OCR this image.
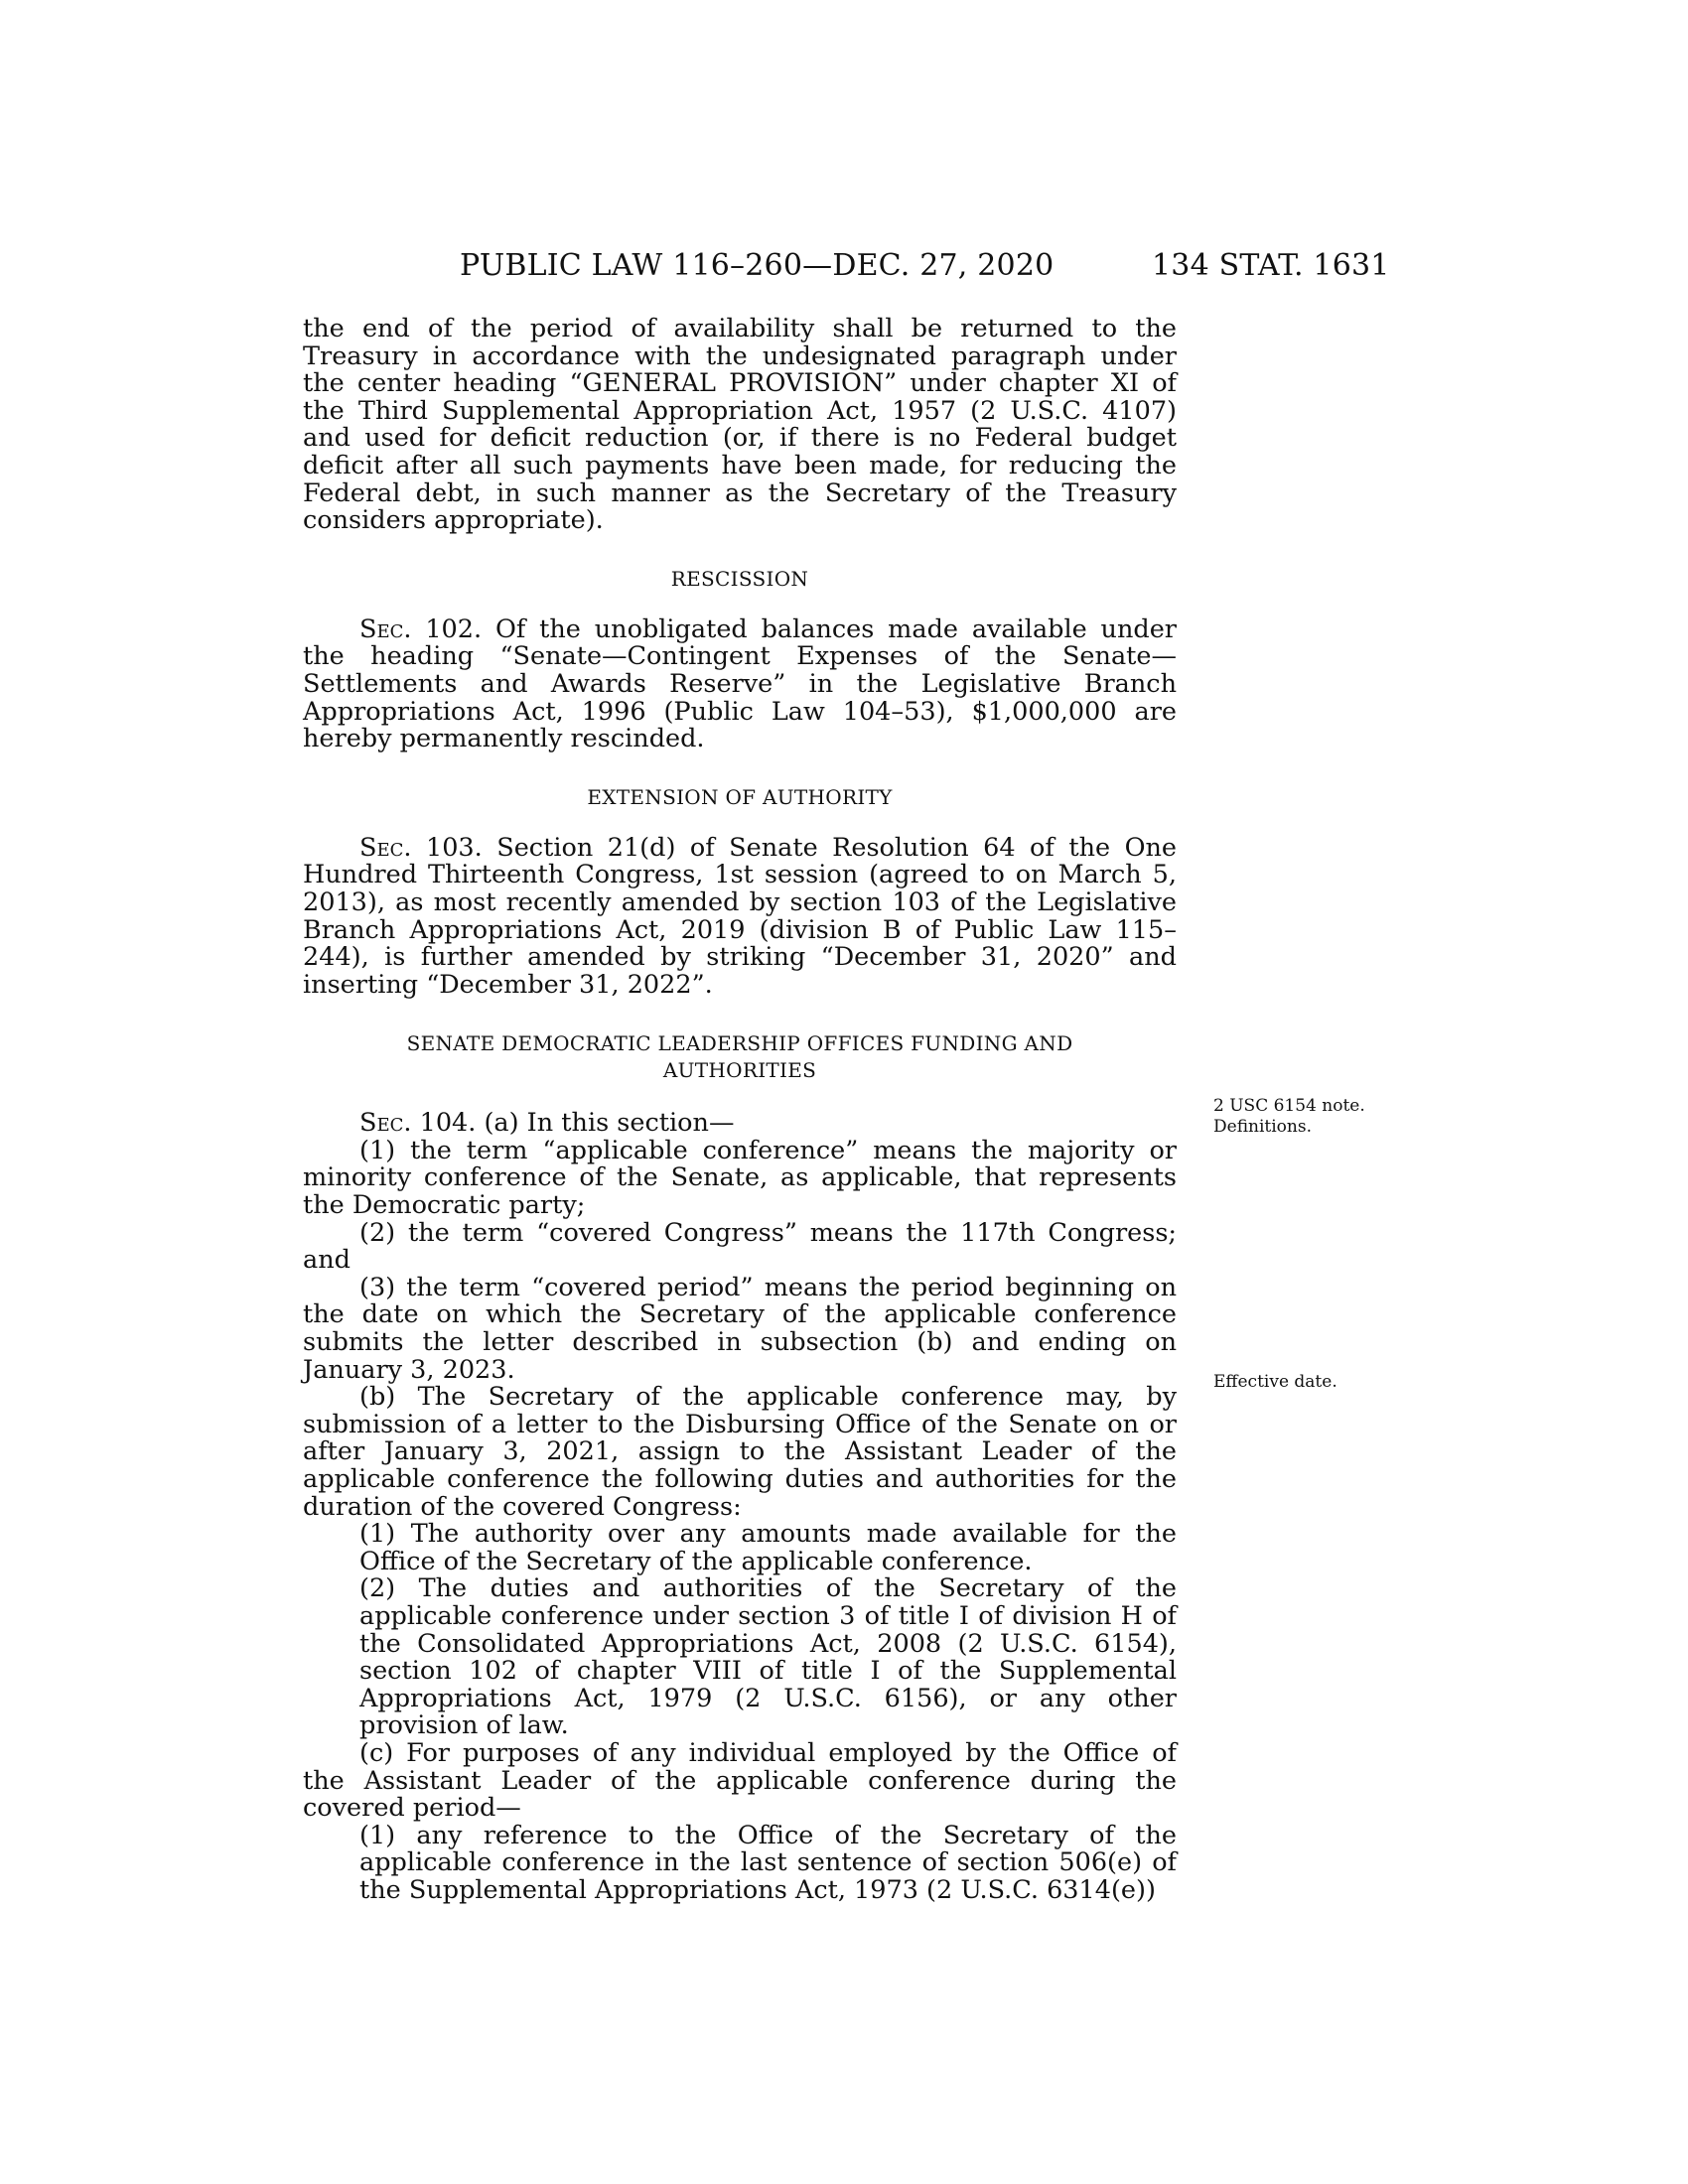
PUBLIC LAW 116–260—DEC. 27, 2020	134 STAT. 1631

the end of the period of availability shall be returned to the Treasury in accordance with the undesignated paragraph under the center heading “GENERAL PROVISION” under chapter XI of the Third Supplemental Appropriation Act, 1957 (2 U.S.C. 4107) and used for deficit reduction (or, if there is no Federal budget deficit after all such payments have been made, for reducing the Federal debt, in such manner as the Secretary of the Treasury considers appropriate).

RESCISSION

Sec. 102. Of the unobligated balances made available under the heading “Senate—Contingent Expenses of the Senate—Settlements and Awards Reserve” in the Legislative Branch Appropriations Act, 1996 (Public Law 104–53), $1,000,000 are hereby permanently rescinded.

EXTENSION OF AUTHORITY

Sec. 103. Section 21(d) of Senate Resolution 64 of the One Hundred Thirteenth Congress, 1st session (agreed to on March 5, 2013), as most recently amended by section 103 of the Legislative Branch Appropriations Act, 2019 (division B of Public Law 115–244), is further amended by striking “December 31, 2020” and inserting “December 31, 2022”.

SENATE DEMOCRATIC LEADERSHIP OFFICES FUNDING AND
AUTHORITIES

Sec. 104. (a) In this section—

(1) the term “applicable conference” means the majority or minority conference of the Senate, as applicable, that represents the Democratic party;

(2) the term “covered Congress” means the 117th Congress; and

(3) the term “covered period” means the period beginning on the date on which the Secretary of the applicable conference submits the letter described in subsection (b) and ending on January 3, 2023.

(b) The Secretary of the applicable conference may, by submission of a letter to the Disbursing Office of the Senate on or after January 3, 2021, assign to the Assistant Leader of the applicable conference the following duties and authorities for the duration of the covered Congress:

(1) The authority over any amounts made available for the Office of the Secretary of the applicable conference.

(2) The duties and authorities of the Secretary of the applicable conference under section 3 of title I of division H of the Consolidated Appropriations Act, 2008 (2 U.S.C. 6154), section 102 of chapter VIII of title I of the Supplemental Appropriations Act, 1979 (2 U.S.C. 6156), or any other provision of law.

(c) For purposes of any individual employed by the Office of the Assistant Leader of the applicable conference during the covered period—

(1) any reference to the Office of the Secretary of the applicable conference in the last sentence of section 506(e) of the Supplemental Appropriations Act, 1973 (2 U.S.C. 6314(e))

2 USC 6154 note.
Definitions.
Effective date.
